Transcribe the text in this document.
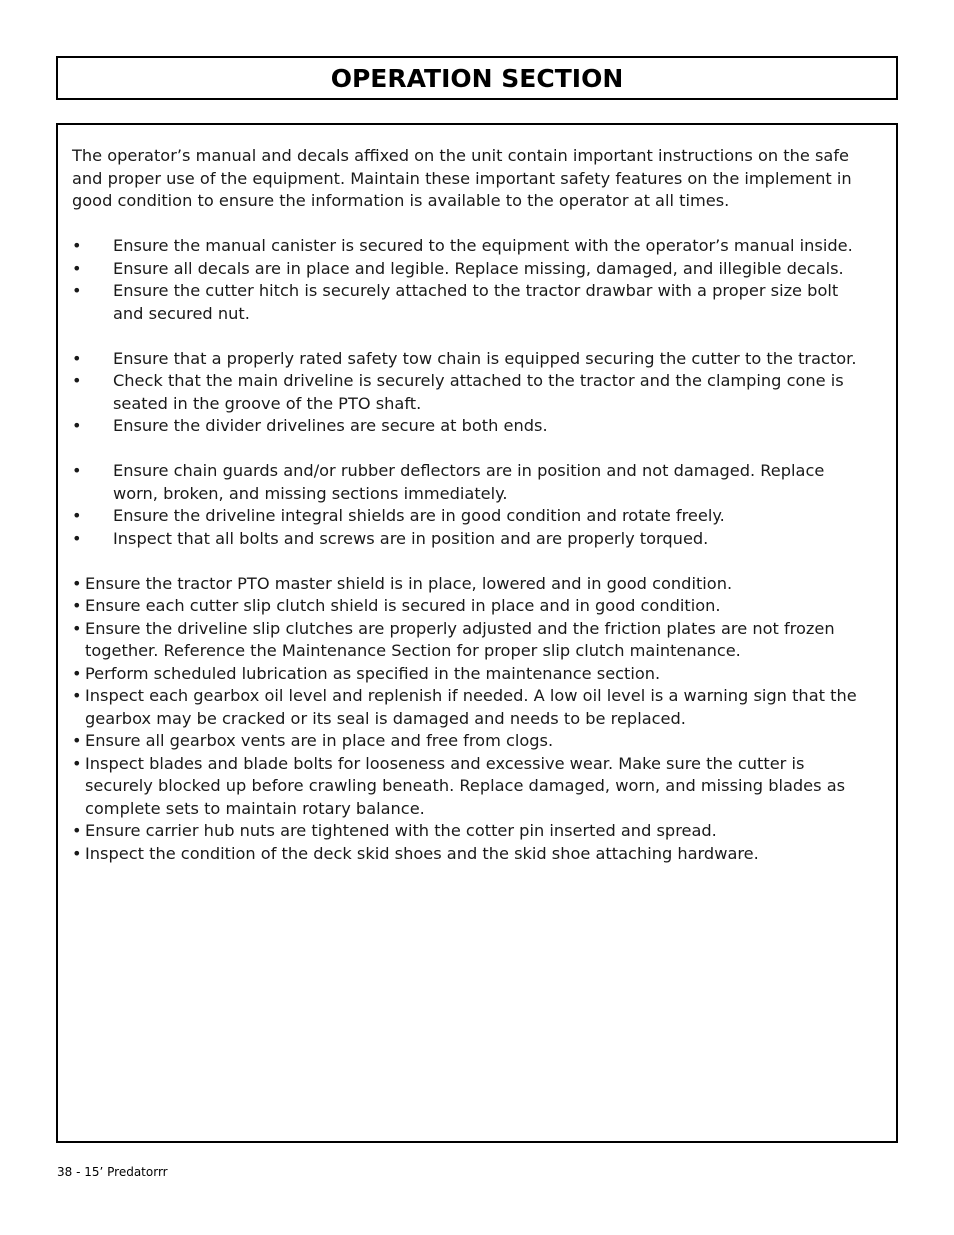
OPERATION SECTION

The operator’s manual and decals affixed on the unit contain important instructions on the safe and proper use of the equipment. Maintain these important safety features on the implement in good condition to ensure the information is available to the operator at all times.

• Ensure the manual canister is secured to the equipment with the operator’s manual inside.
• Ensure all decals are in place and legible. Replace missing, damaged, and illegible decals.
• Ensure the cutter hitch is securely attached to the tractor drawbar with a proper size bolt and secured nut.
• Ensure that a properly rated safety tow chain is equipped securing the cutter to the tractor.
• Check that the main driveline is securely attached to the tractor and the clamping cone is seated in the groove of the PTO shaft.
• Ensure the divider drivelines are secure at both ends.
• Ensure chain guards and/or rubber deflectors are in position and not damaged. Replace worn, broken, and missing sections immediately.
• Ensure the driveline integral shields are in good condition and rotate freely.
• Inspect that all bolts and screws are in position and are properly torqued.
• Ensure the tractor PTO master shield is in place, lowered and in good condition.
• Ensure each cutter slip clutch shield is secured in place and in good condition.
• Ensure the driveline slip clutches are properly adjusted and the friction plates are not frozen together. Reference the Maintenance Section for proper slip clutch maintenance.
• Perform scheduled lubrication as specified in the maintenance section.
• Inspect each gearbox oil level and replenish if needed. A low oil level is a warning sign that the gearbox may be cracked or its seal is damaged and needs to be replaced.
• Ensure all gearbox vents are in place and free from clogs.
• Inspect blades and blade bolts for looseness and excessive wear. Make sure the cutter is securely blocked up before crawling beneath. Replace damaged, worn, and missing blades as complete sets to maintain rotary balance.
• Ensure carrier hub nuts are tightened with the cotter pin inserted and spread.
• Inspect the condition of the deck skid shoes and the skid shoe attaching hardware.
38 - 15’ Predatorrr
